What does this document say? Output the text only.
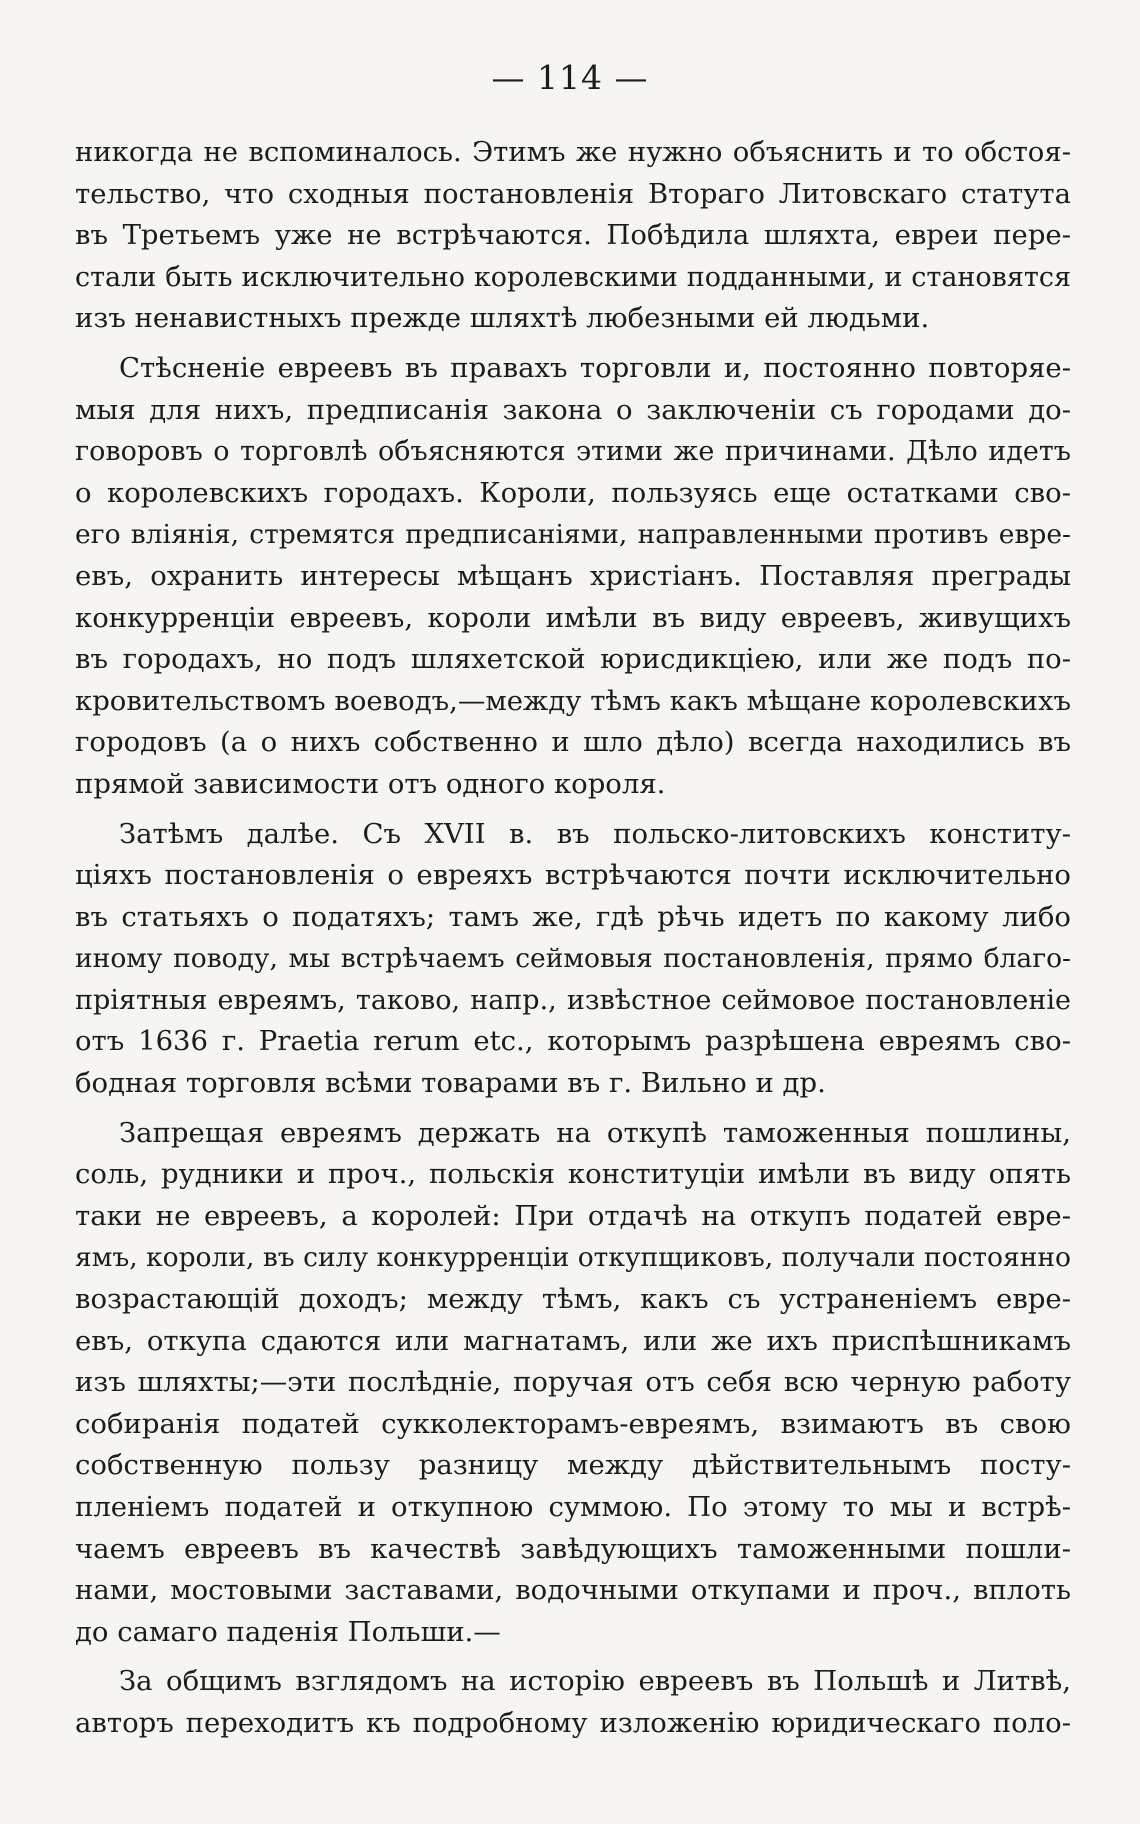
— 114 —
никогда не вспоминалось. Этимъ же нужно объяснить и то обстоя-
тельство, что сходныя постановленія Втораго Литовскаго статута
въ Третьемъ уже не встрѣчаются. Побѣдила шляхта, евреи пере-
стали быть исключительно королевскими подданными, и становятся
изъ ненавистныхъ прежде шляхтѣ любезными ей людьми.
Стѣсненіе евреевъ въ правахъ торговли и, постоянно повторяе-
мыя для нихъ, предписанія закона о заключеніи съ городами до-
говоровъ о торговлѣ объясняются этими же причинами. Дѣло идетъ
о королевскихъ городахъ. Короли, пользуясь еще остатками сво-
его вліянія, стремятся предписаніями, направленными противъ евре-
евъ, охранить интересы мѣщанъ христіанъ. Поставляя преграды
конкурренціи евреевъ, короли имѣли въ виду евреевъ, живущихъ
въ городахъ, но подъ шляхетской юрисдикціею, или же подъ по-
кровительствомъ воеводъ,—между тѣмъ какъ мѣщане королевскихъ
городовъ (а о нихъ собственно и шло дѣло) всегда находились въ
прямой зависимости отъ одного короля.
Затѣмъ далѣе. Съ XVII в. въ польско-литовскихъ конститу-
ціяхъ постановленія о евреяхъ встрѣчаются почти исключительно
въ статьяхъ о податяхъ; тамъ же, гдѣ рѣчь идетъ по какому либо
иному поводу, мы встрѣчаемъ сеймовыя постановленія, прямо благо-
пріятныя евреямъ, таково, напр., извѣстное сеймовое постановленіе
отъ 1636 г. Praetia rerum etc., которымъ разрѣшена евреямъ сво-
бодная торговля всѣми товарами въ г. Вильно и др.
Запрещая евреямъ держать на откупѣ таможенныя пошлины,
соль, рудники и проч., польскія конституціи имѣли въ виду опять
таки не евреевъ, а королей: При отдачѣ на откупъ податей евре-
ямъ, короли, въ силу конкурренціи откупщиковъ, получали постоянно
возрастающій доходъ; между тѣмъ, какъ съ устраненіемъ евре-
евъ, откупа сдаются или магнатамъ, или же ихъ приспѣшникамъ
изъ шляхты;—эти послѣдніе, поручая отъ себя всю черную работу
собиранія податей сукколекторамъ-евреямъ, взимаютъ въ свою
собственную пользу разницу между дѣйствительнымъ посту-
пленіемъ податей и откупною суммою. По этому то мы и встрѣ-
чаемъ евреевъ въ качествѣ завѣдующихъ таможенными пошли-
нами, мостовыми заставами, водочными откупами и проч., вплоть
до самаго паденія Польши.—
За общимъ взглядомъ на исторію евреевъ въ Польшѣ и Литвѣ,
авторъ переходитъ къ подробному изложенію юридическаго поло-
